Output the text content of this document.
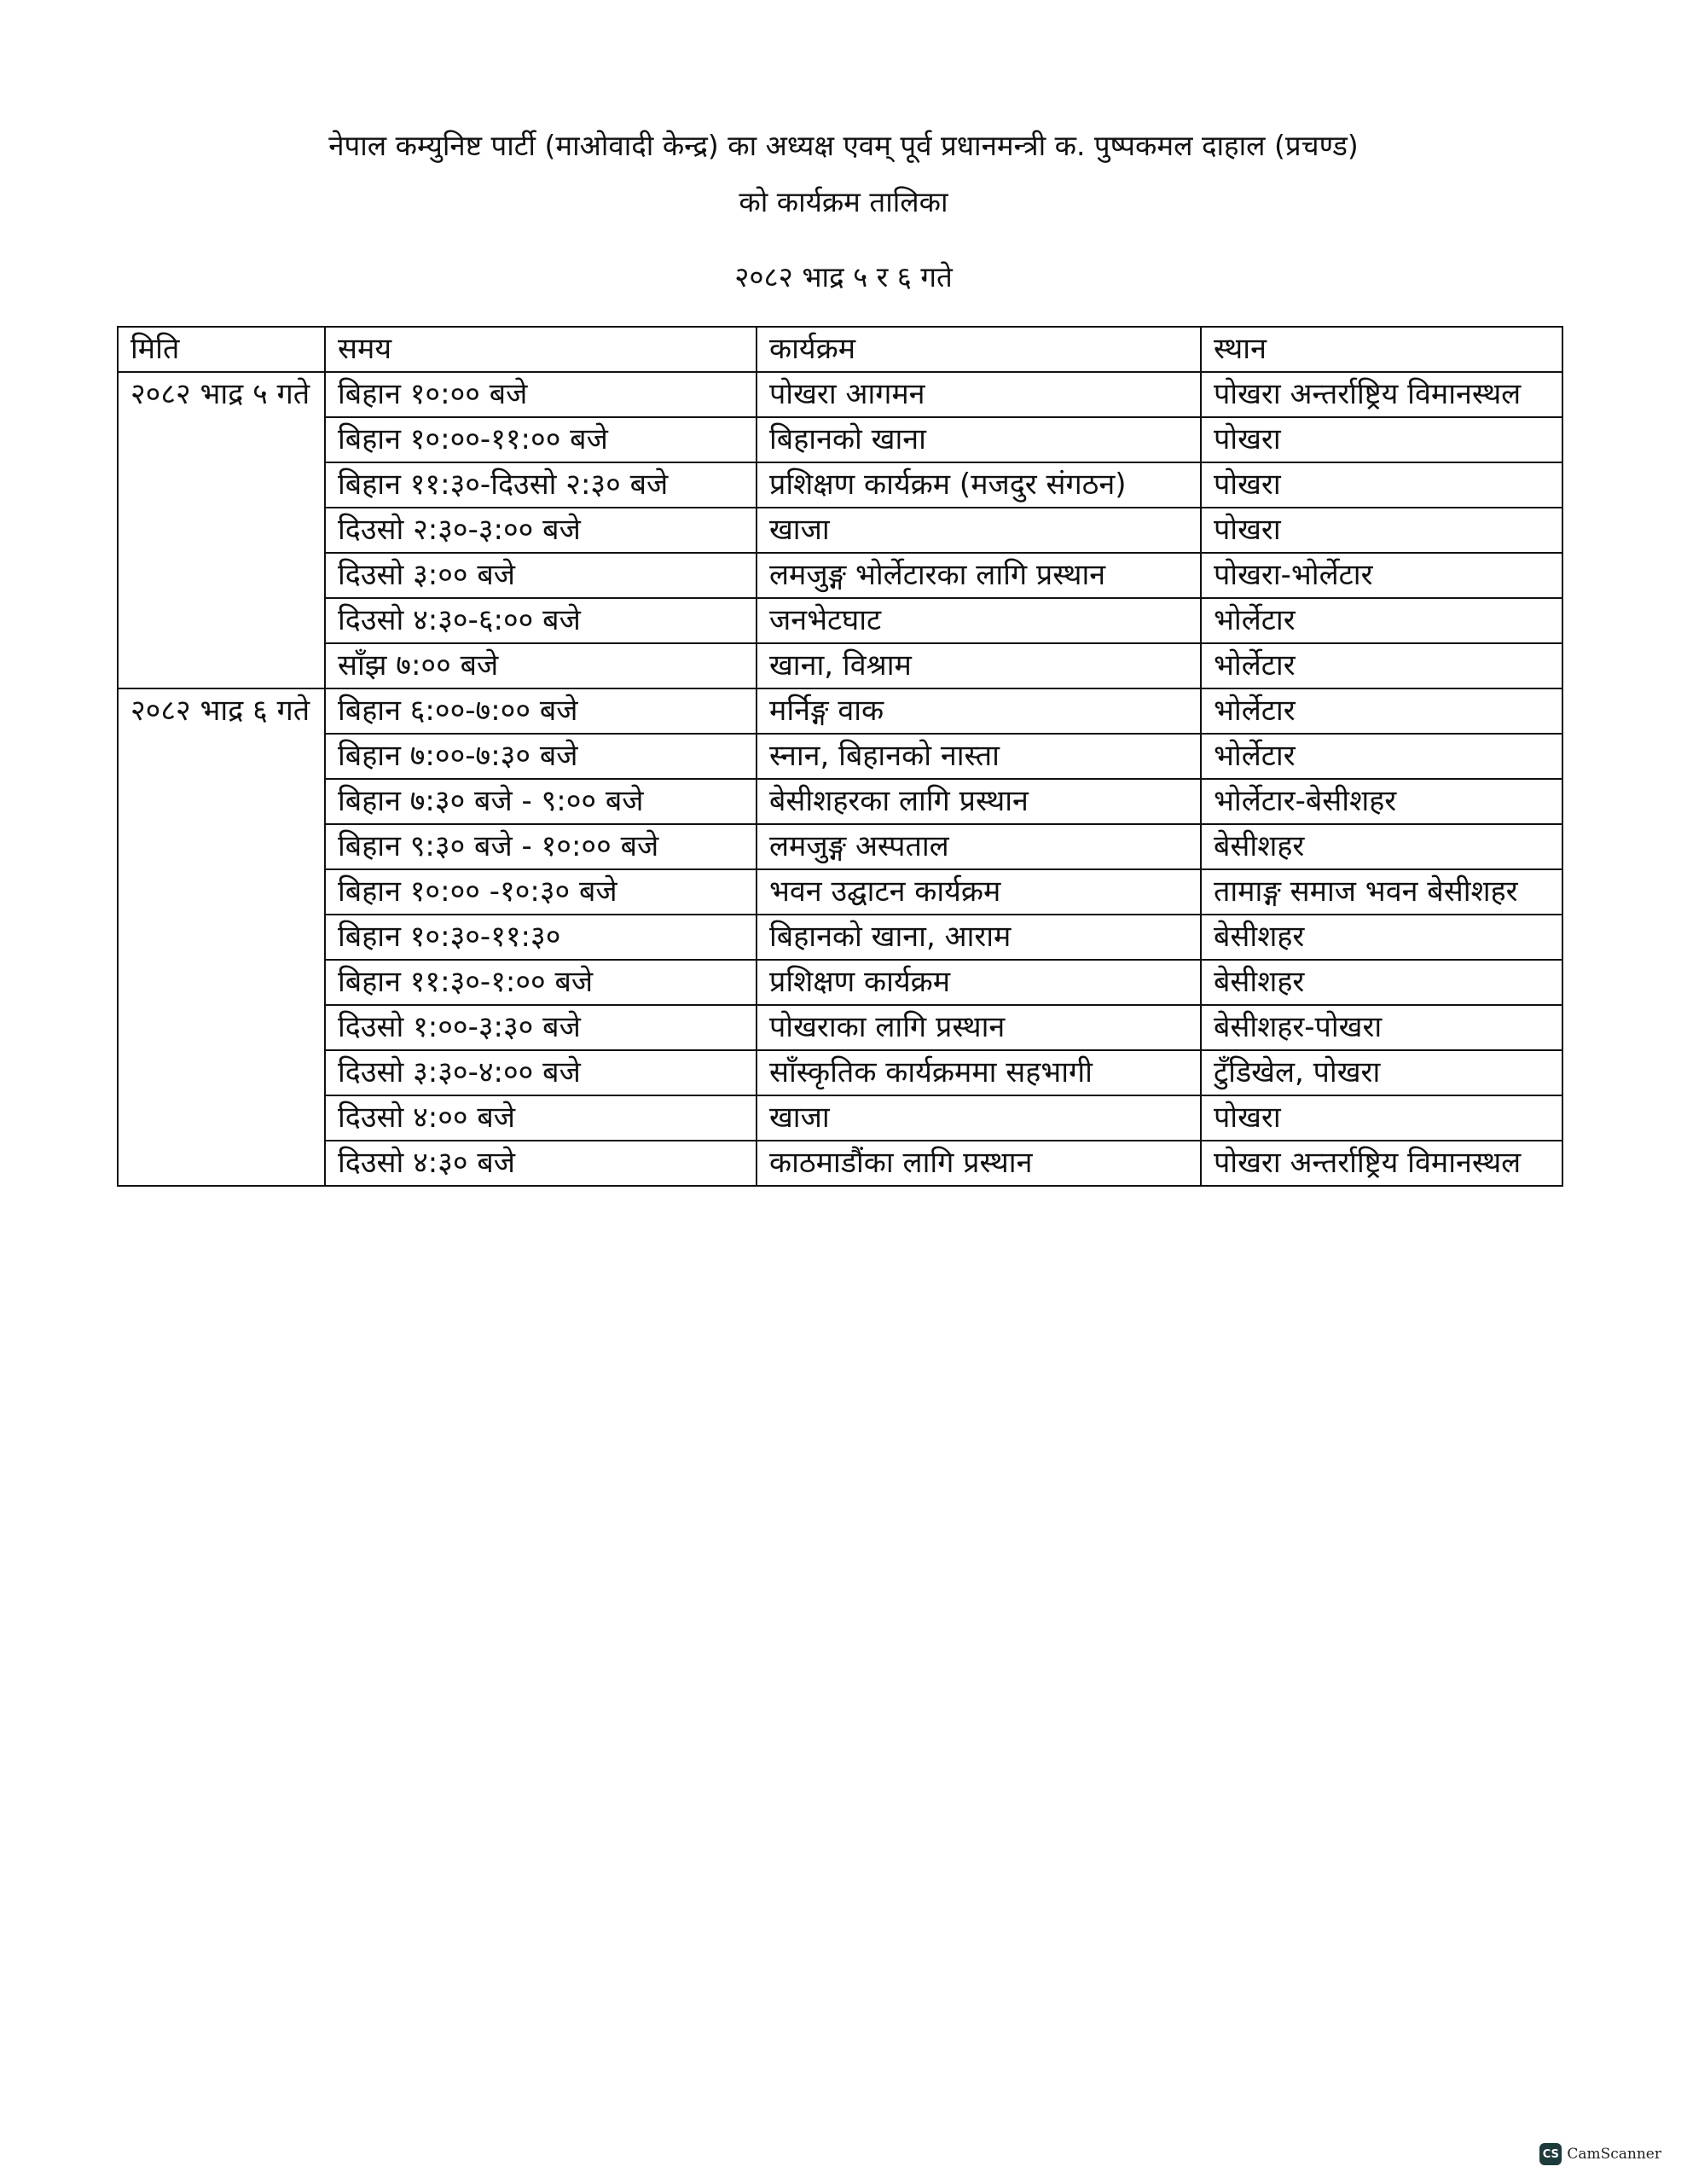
नेपाल कम्युनिष्ट पार्टी (माओवादी केन्द्र) का अध्यक्ष एवम् पूर्व प्रधानमन्त्री क. पुष्पकमल दाहाल (प्रचण्ड)

को कार्यक्रम तालिका

२०८२ भाद्र ५ र ६ गते
मिति	समय	कार्यक्रम	स्थान
२०८२ भाद्र ५ गते	बिहान १०:०० बजे	पोखरा आगमन	पोखरा अन्तर्राष्ट्रिय विमानस्थल
	बिहान १०:००-११:०० बजे	बिहानको खाना	पोखरा
	बिहान ११:३०-दिउसो २:३० बजे	प्रशिक्षण कार्यक्रम (मजदुर संगठन)	पोखरा
	दिउसो २:३०-३:०० बजे	खाजा	पोखरा
	दिउसो ३:०० बजे	लमजुङ्ग भोर्लेटारका लागि प्रस्थान	पोखरा-भोर्लेटार
	दिउसो ४:३०-६:०० बजे	जनभेटघाट	भोर्लेटार
	साँझ ७:०० बजे	खाना, विश्राम	भोर्लेटार
२०८२ भाद्र ६ गते	बिहान ६:००-७:०० बजे	मर्निङ्ग वाक	भोर्लेटार
	बिहान ७:००-७:३० बजे	स्नान, बिहानको नास्ता	भोर्लेटार
	बिहान ७:३० बजे - ९:०० बजे	बेसीशहरका लागि प्रस्थान	भोर्लेटार-बेसीशहर
	बिहान ९:३० बजे - १०:०० बजे	लमजुङ्ग अस्पताल	बेसीशहर
	बिहान १०:०० -१०:३० बजे	भवन उद्घाटन कार्यक्रम	तामाङ्ग समाज भवन बेसीशहर
	बिहान १०:३०-११:३०	बिहानको खाना, आराम	बेसीशहर
	बिहान ११:३०-१:०० बजे	प्रशिक्षण कार्यक्रम	बेसीशहर
	दिउसो १:००-३:३० बजे	पोखराका लागि प्रस्थान	बेसीशहर-पोखरा
	दिउसो ३:३०-४:०० बजे	साँस्कृतिक कार्यक्रममा सहभागी	टुँडिखेल, पोखरा
	दिउसो ४:०० बजे	खाजा	पोखरा
	दिउसो ४:३० बजे	काठमाडौंका लागि प्रस्थान	पोखरा अन्तर्राष्ट्रिय विमानस्थल
CS CamScanner
